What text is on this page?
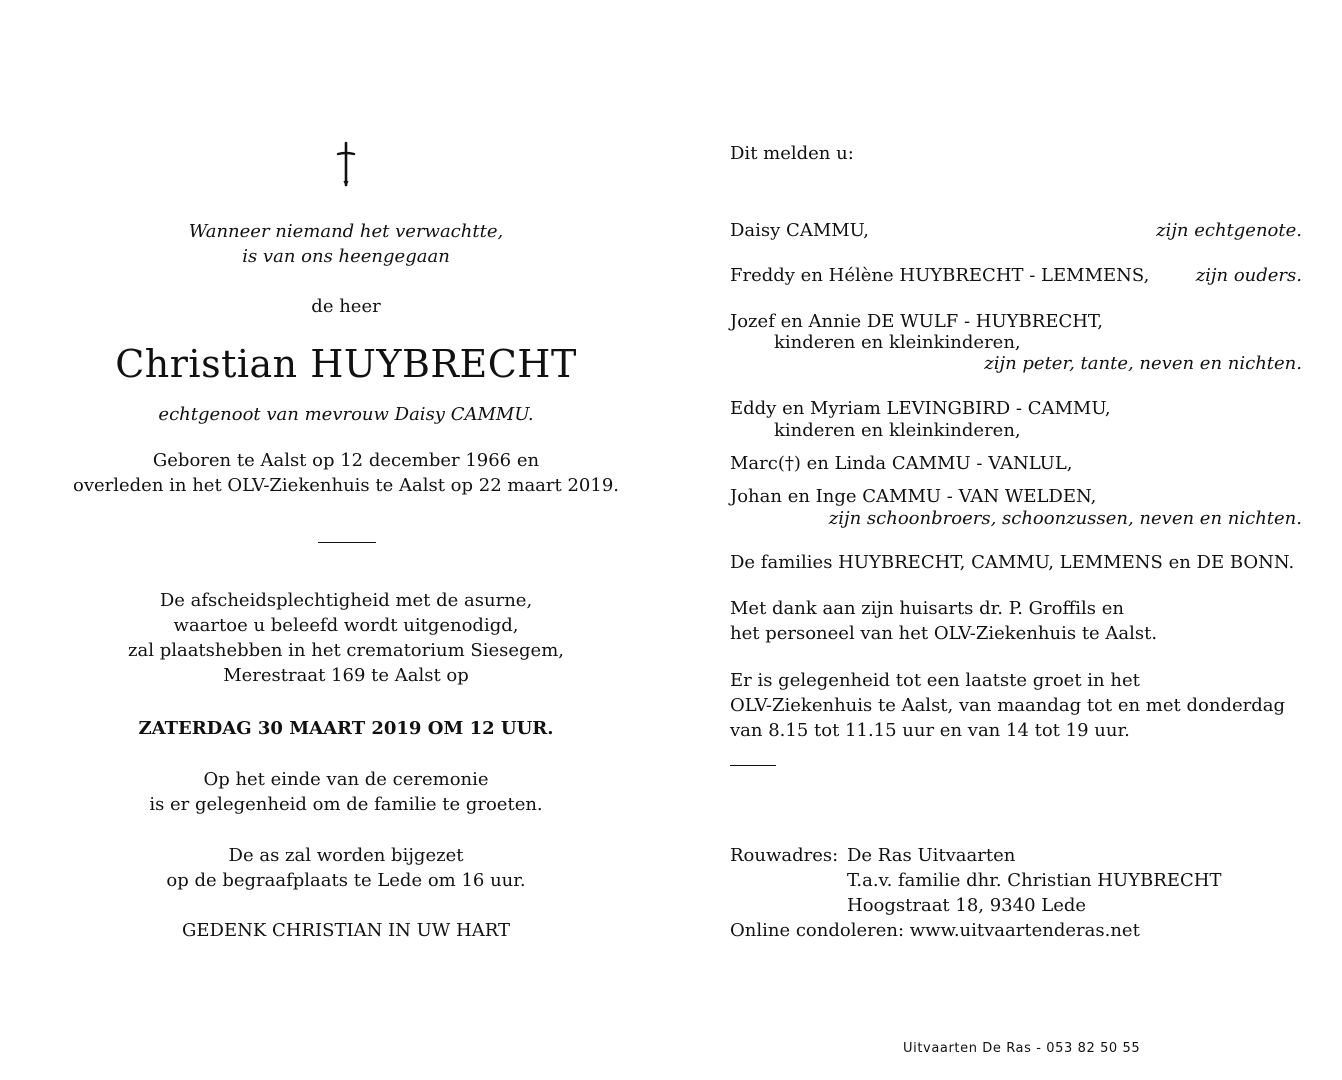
Wanneer niemand het verwachtte,
is van ons heengegaan
de heer
Christian HUYBRECHT
echtgenoot van mevrouw Daisy CAMMU.
Geboren te Aalst op 12 december 1966 en
overleden in het OLV-Ziekenhuis te Aalst op 22 maart 2019.
De afscheidsplechtigheid met de asurne,
waartoe u beleefd wordt uitgenodigd,
zal plaatshebben in het crematorium Siesegem,
Merestraat 169 te Aalst op
ZATERDAG 30 MAART 2019 OM 12 UUR.
Op het einde van de ceremonie
is er gelegenheid om de familie te groeten.
De as zal worden bijgezet
op de begraafplaats te Lede om 16 uur.
GEDENK CHRISTIAN IN UW HART
Dit melden u:
Daisy CAMMU,	zijn echtgenote.
Freddy en Hélène HUYBRECHT - LEMMENS,	zijn ouders.
Jozef en Annie DE WULF - HUYBRECHT,
kinderen en kleinkinderen,
zijn peter, tante, neven en nichten.
Eddy en Myriam LEVINGBIRD - CAMMU,
kinderen en kleinkinderen,
Marc(†) en Linda CAMMU - VANLUL,
Johan en Inge CAMMU - VAN WELDEN,
zijn schoonbroers, schoonzussen, neven en nichten.
De families HUYBRECHT, CAMMU, LEMMENS en DE BONN.
Met dank aan zijn huisarts dr. P. Groffils en
het personeel van het OLV-Ziekenhuis te Aalst.
Er is gelegenheid tot een laatste groet in het
OLV-Ziekenhuis te Aalst, van maandag tot en met donderdag
van 8.15 tot 11.15 uur en van 14 tot 19 uur.
Rouwadres: De Ras Uitvaarten
T.a.v. familie dhr. Christian HUYBRECHT
Hoogstraat 18, 9340 Lede
Online condoleren: www.uitvaartenderas.net
Uitvaarten De Ras - 053 82 50 55
